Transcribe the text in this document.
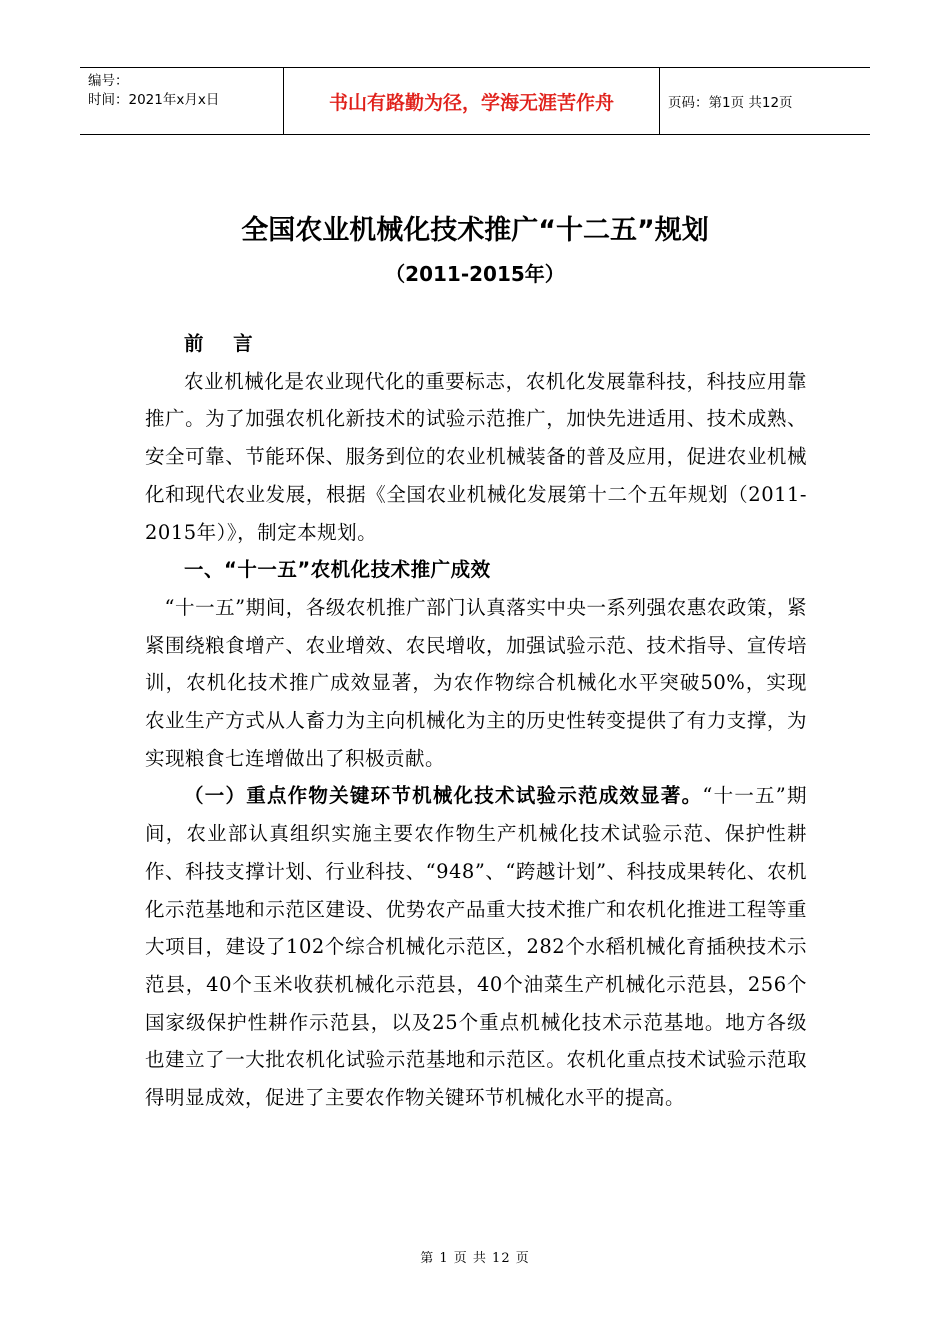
编号：
时间：2021年x月x日	书山有路勤为径，学海无涯苦作舟	页码：第1页 共12页
全国农业机械化技术推广“十二五”规划
（2011-2015年）

前    言

农业机械化是农业现代化的重要标志，农机化发展靠科技，科技应用靠推广。为了加强农机化新技术的试验示范推广，加快先进适用、技术成熟、安全可靠、节能环保、服务到位的农业机械装备的普及应用，促进农业机械化和现代农业发展，根据《全国农业机械化发展第十二个五年规划（2011-2015年）》，制定本规划。

一、“十一五”农机化技术推广成效

“十一五”期间，各级农机推广部门认真落实中央一系列强农惠农政策，紧紧围绕粮食增产、农业增效、农民增收，加强试验示范、技术指导、宣传培训，农机化技术推广成效显著，为农作物综合机械化水平突破50%，实现农业生产方式从人畜力为主向机械化为主的历史性转变提供了有力支撑，为实现粮食七连增做出了积极贡献。

（一）重点作物关键环节机械化技术试验示范成效显著。“十一五”期间，农业部认真组织实施主要农作物生产机械化技术试验示范、保护性耕作、科技支撑计划、行业科技、“948”、“跨越计划”、科技成果转化、农机化示范基地和示范区建设、优势农产品重大技术推广和农机化推进工程等重大项目，建设了102个综合机械化示范区，282个水稻机械化育插秧技术示范县，40个玉米收获机械化示范县，40个油菜生产机械化示范县，256个国家级保护性耕作示范县，以及25个重点机械化技术示范基地。地方各级也建立了一大批农机化试验示范基地和示范区。农机化重点技术试验示范取得明显成效，促进了主要农作物关键环节机械化水平的提高。

第 1 页 共 12 页
